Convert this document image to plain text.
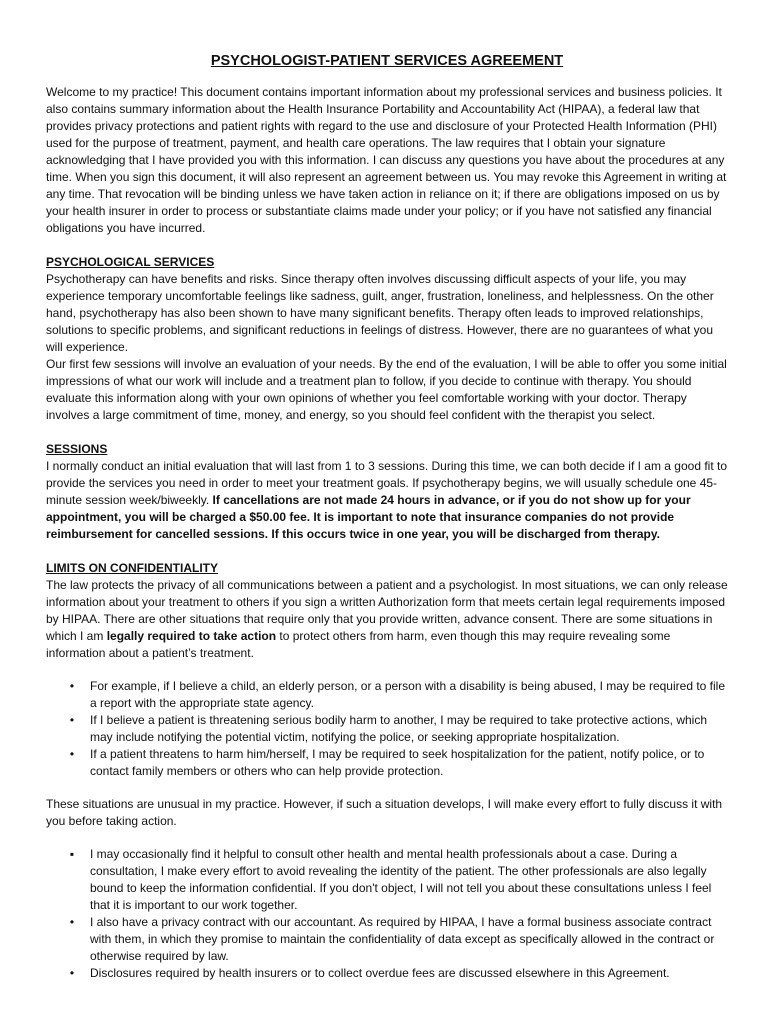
PSYCHOLOGIST-PATIENT SERVICES AGREEMENT

Welcome to my practice! This document contains important information about my professional services and business policies. It also contains summary information about the Health Insurance Portability and Accountability Act (HIPAA), a federal law that provides privacy protections and patient rights with regard to the use and disclosure of your Protected Health Information (PHI) used for the purpose of treatment, payment, and health care operations. The law requires that I obtain your signature acknowledging that I have provided you with this information. I can discuss any questions you have about the procedures at any time. When you sign this document, it will also represent an agreement between us. You may revoke this Agreement in writing at any time. That revocation will be binding unless we have taken action in reliance on it; if there are obligations imposed on us by your health insurer in order to process or substantiate claims made under your policy; or if you have not satisfied any financial obligations you have incurred.

PSYCHOLOGICAL SERVICES

Psychotherapy can have benefits and risks. Since therapy often involves discussing difficult aspects of your life, you may experience temporary uncomfortable feelings like sadness, guilt, anger, frustration, loneliness, and helplessness. On the other hand, psychotherapy has also been shown to have many significant benefits. Therapy often leads to improved relationships, solutions to specific problems, and significant reductions in feelings of distress. However, there are no guarantees of what you will experience.

Our first few sessions will involve an evaluation of your needs. By the end of the evaluation, I will be able to offer you some initial impressions of what our work will include and a treatment plan to follow, if you decide to continue with therapy. You should evaluate this information along with your own opinions of whether you feel comfortable working with your doctor. Therapy involves a large commitment of time, money, and energy, so you should feel confident with the therapist you select.

SESSIONS

I normally conduct an initial evaluation that will last from 1 to 3 sessions. During this time, we can both decide if I am a good fit to provide the services you need in order to meet your treatment goals. If psychotherapy begins, we will usually schedule one 45- minute session week/biweekly. If cancellations are not made 24 hours in advance, or if you do not show up for your appointment, you will be charged a $50.00 fee. It is important to note that insurance companies do not provide reimbursement for cancelled sessions. If this occurs twice in one year, you will be discharged from therapy.

LIMITS ON CONFIDENTIALITY

The law protects the privacy of all communications between a patient and a psychologist. In most situations, we can only release information about your treatment to others if you sign a written Authorization form that meets certain legal requirements imposed by HIPAA. There are other situations that require only that you provide written, advance consent. There are some situations in which I am legally required to take action to protect others from harm, even though this may require revealing some information about a patient’s treatment.

•	For example, if I believe a child, an elderly person, or a person with a disability is being abused, I may be required to file a report with the appropriate state agency.
•	If I believe a patient is threatening serious bodily harm to another, I may be required to take protective actions, which may include notifying the potential victim, notifying the police, or seeking appropriate hospitalization.
•	If a patient threatens to harm him/herself, I may be required to seek hospitalization for the patient, notify police, or to contact family members or others who can help provide protection.

These situations are unusual in my practice. However, if such a situation develops, I will make every effort to fully discuss it with you before taking action.

▪	I may occasionally find it helpful to consult other health and mental health professionals about a case. During a consultation, I make every effort to avoid revealing the identity of the patient. The other professionals are also legally bound to keep the information confidential. If you don't object, I will not tell you about these consultations unless I feel that it is important to our work together.
•	I also have a privacy contract with our accountant. As required by HIPAA, I have a formal business associate contract with them, in which they promise to maintain the confidentiality of data except as specifically allowed in the contract or otherwise required by law.
•	Disclosures required by health insurers or to collect overdue fees are discussed elsewhere in this Agreement.
